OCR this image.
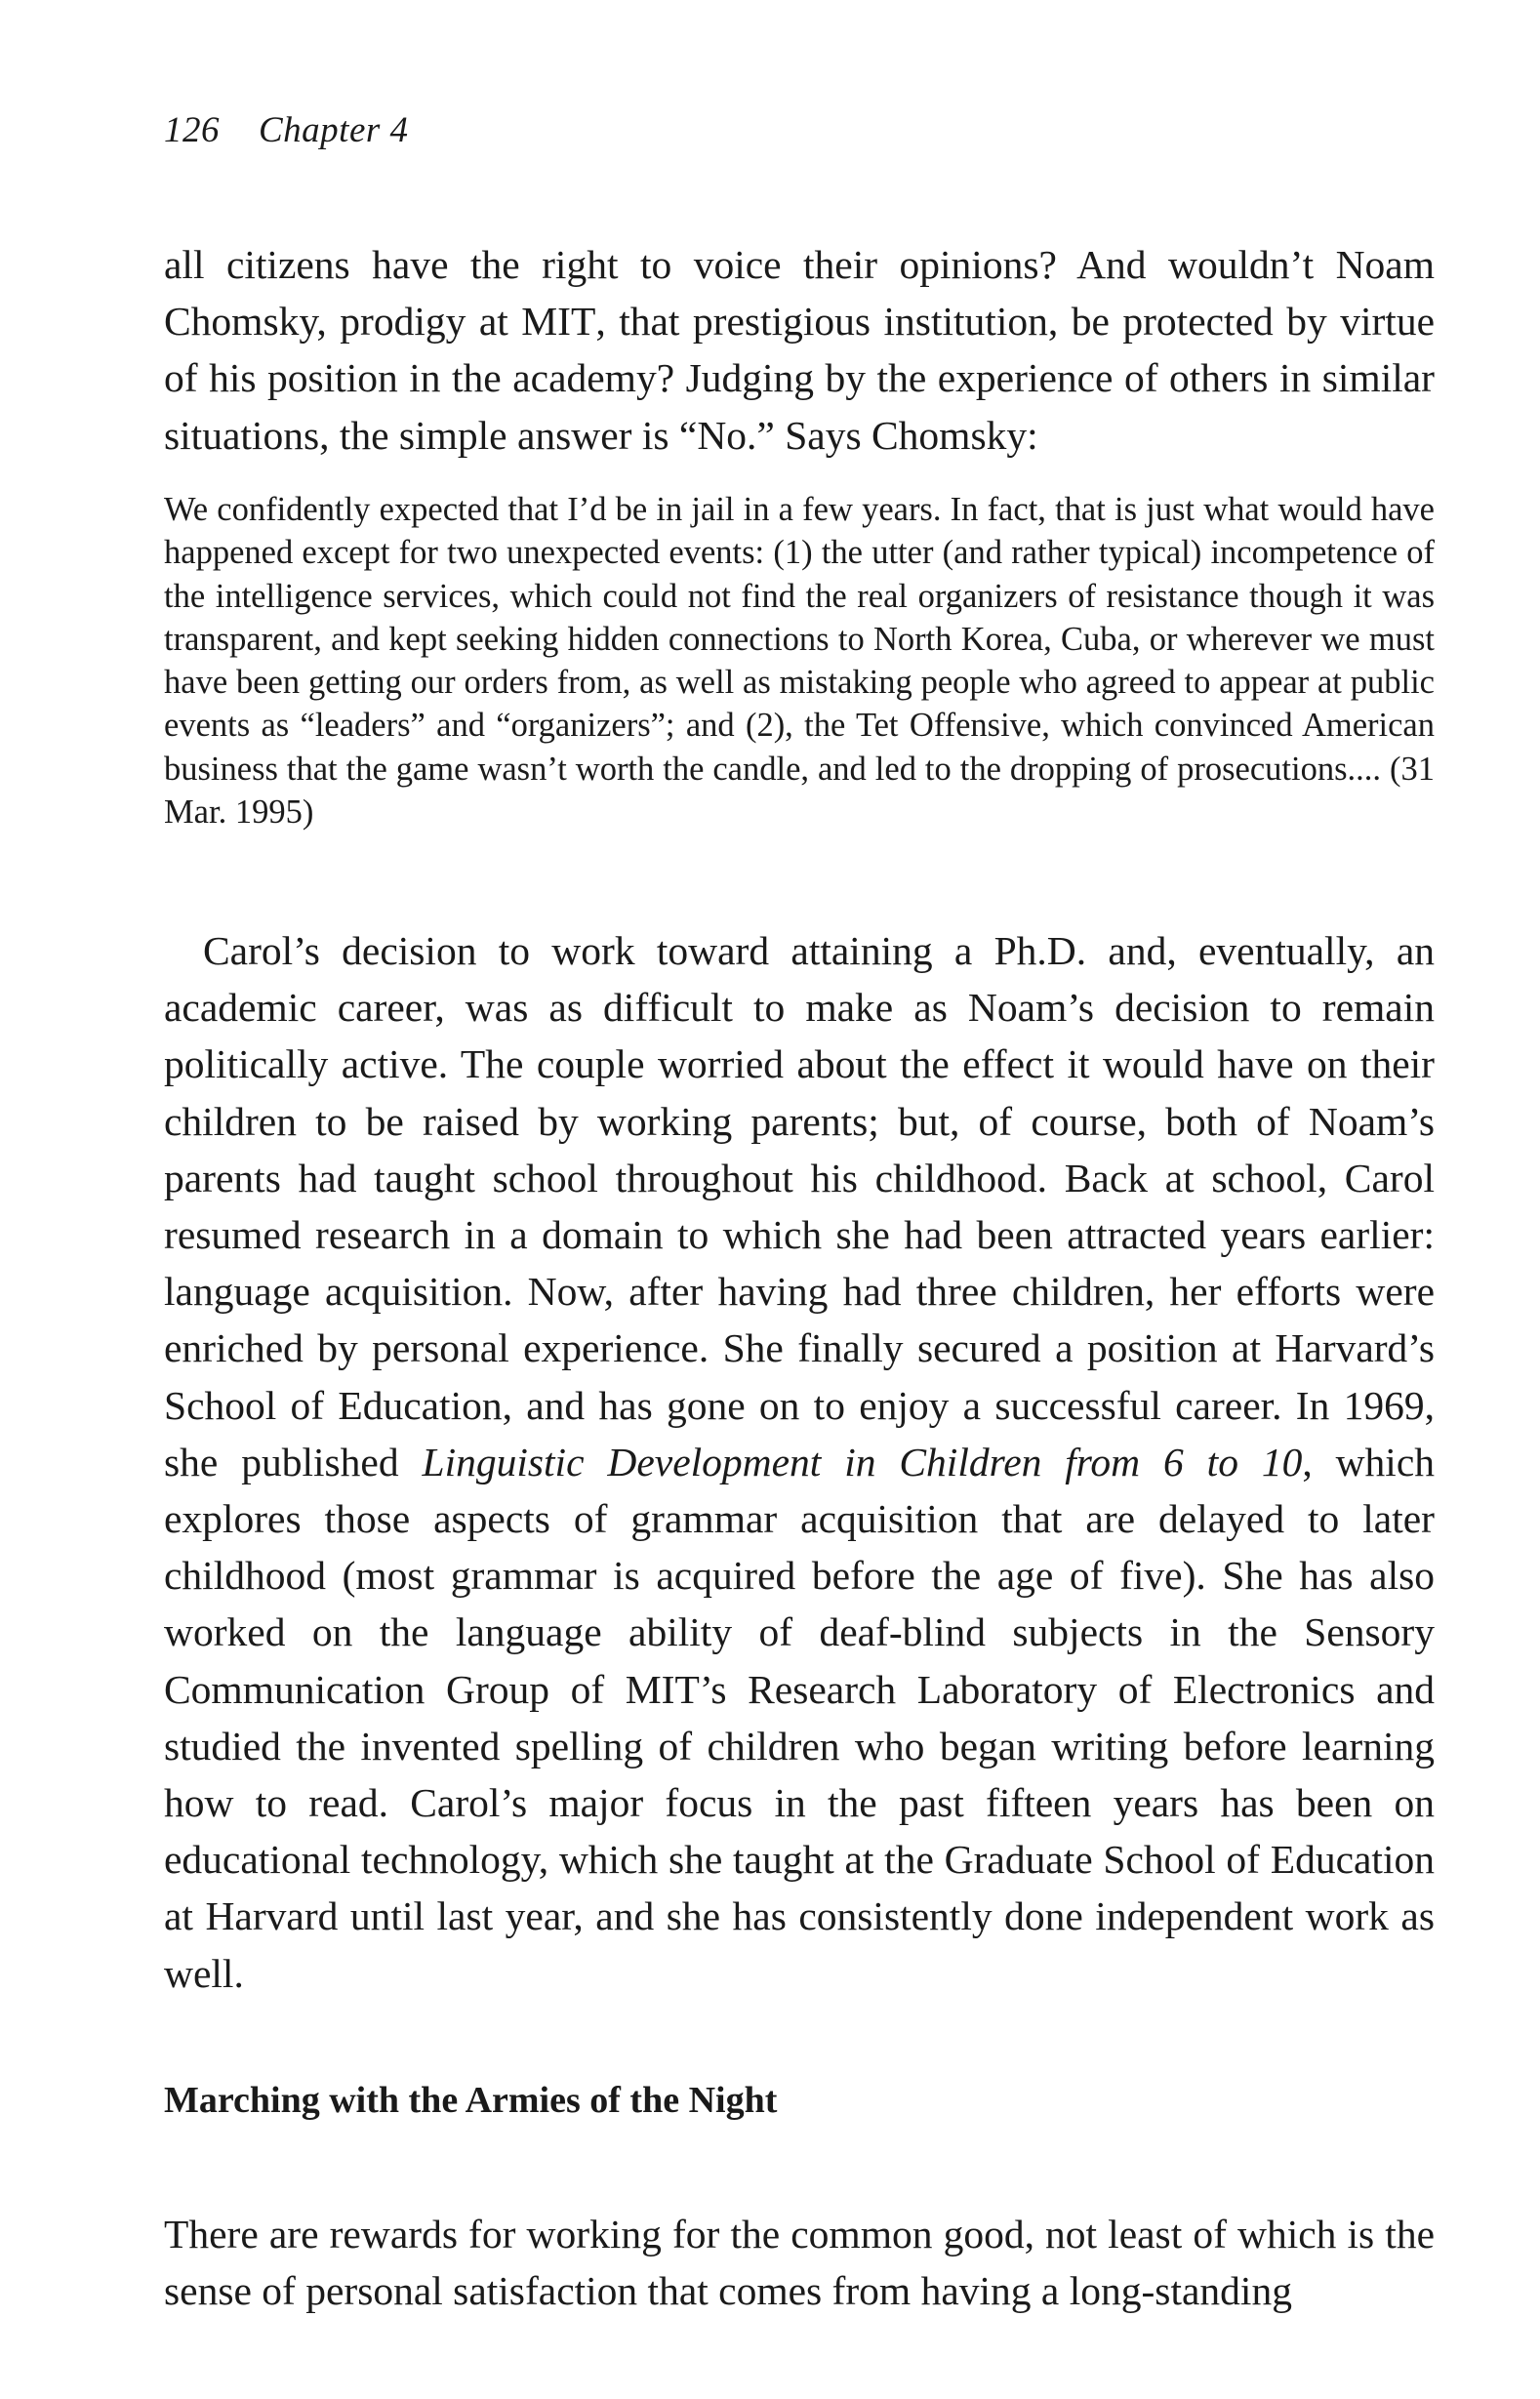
126 Chapter 4

all citizens have the right to voice their opinions? And wouldn’t Noam Chomsky, prodigy at MIT, that prestigious institution, be protected by virtue of his position in the academy? Judging by the experience of others in similar situations, the simple answer is “No.” Says Chomsky:

We confidently expected that I’d be in jail in a few years. In fact, that is just what would have happened except for two unexpected events: (1) the utter (and rather typical) incompetence of the intelligence services, which could not find the real organizers of resistance though it was transparent, and kept seeking hidden connections to North Korea, Cuba, or wherever we must have been getting our orders from, as well as mistaking people who agreed to appear at public events as “leaders” and “organizers”; and (2), the Tet Offensive, which convinced American business that the game wasn’t worth the candle, and led to the dropping of prosecutions.... (31 Mar. 1995)

Carol’s decision to work toward attaining a Ph.D. and, eventually, an academic career, was as difficult to make as Noam’s decision to remain politically active. The couple worried about the effect it would have on their children to be raised by working parents; but, of course, both of Noam’s parents had taught school throughout his childhood. Back at school, Carol resumed research in a domain to which she had been attracted years earlier: language acquisition. Now, after having had three children, her efforts were enriched by personal experience. She finally secured a position at Harvard’s School of Education, and has gone on to enjoy a successful career. In 1969, she published Linguistic Development in Children from 6 to 10, which explores those aspects of grammar acquisition that are delayed to later childhood (most grammar is acquired before the age of five). She has also worked on the language ability of deaf-blind subjects in the Sensory Communication Group of MIT’s Research Laboratory of Electronics and studied the invented spelling of children who began writing before learning how to read. Carol’s major focus in the past fifteen years has been on educational technology, which she taught at the Graduate School of Education at Harvard until last year, and she has consistently done independent work as well.

Marching with the Armies of the Night

There are rewards for working for the common good, not least of which is the sense of personal satisfaction that comes from having a long-standing
